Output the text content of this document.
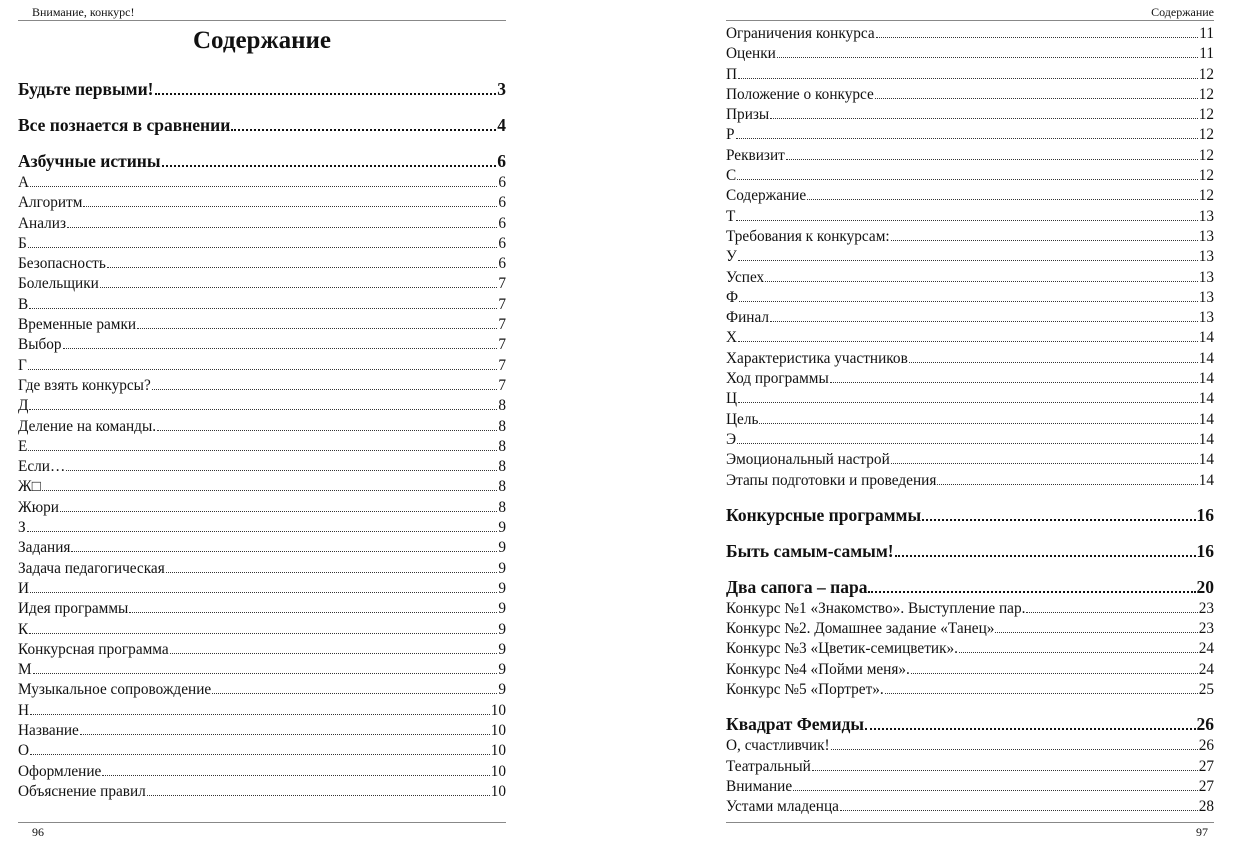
Внимание, конкурс!
Содержание
Будьте первыми!	3
Все познается в сравнении	4
Азбучные истины	6
А	6
Алгоритм	6
Анализ	6
Б	6
Безопасность	6
Болельщики	7
В	7
Временные рамки	7
Выбор	7
Г	7
Где взять конкурсы?	7
Д	8
Деление на команды.	8
Е	8
Если…	8
Ж□	8
Жюри	8
З	9
Задания	9
Задача педагогическая	9
И	9
Идея программы	9
К	9
Конкурсная программа	9
М	9
Музыкальное сопровождение	9
Н	10
Название	10
О	10
Оформление	10
Объяснение правил	10
96
Содержание
Ограничения конкурса	11
Оценки	11
П	12
Положение о конкурсе	12
Призы	12
Р	12
Реквизит	12
С	12
Содержание	12
Т	13
Требования к конкурсам:	13
У	13
Успех	13
Ф	13
Финал	13
Х	14
Характеристика участников	14
Ход программы	14
Ц	14
Цель	14
Э	14
Эмоциональный настрой	14
Этапы подготовки и проведения	14
Конкурсные программы	16
Быть самым-самым!	16
Два сапога – пара	20
Конкурс №1 «Знакомство». Выступление пар.	23
Конкурс №2. Домашнее задание «Танец»	23
Конкурс №3 «Цветик-семицветик».	24
Конкурс №4 «Пойми меня».	24
Конкурс №5 «Портрет».	25
Квадрат Фемиды	26
О, счастливчик!	26
Театральный	27
Внимание	27
Устами младенца	28
97
